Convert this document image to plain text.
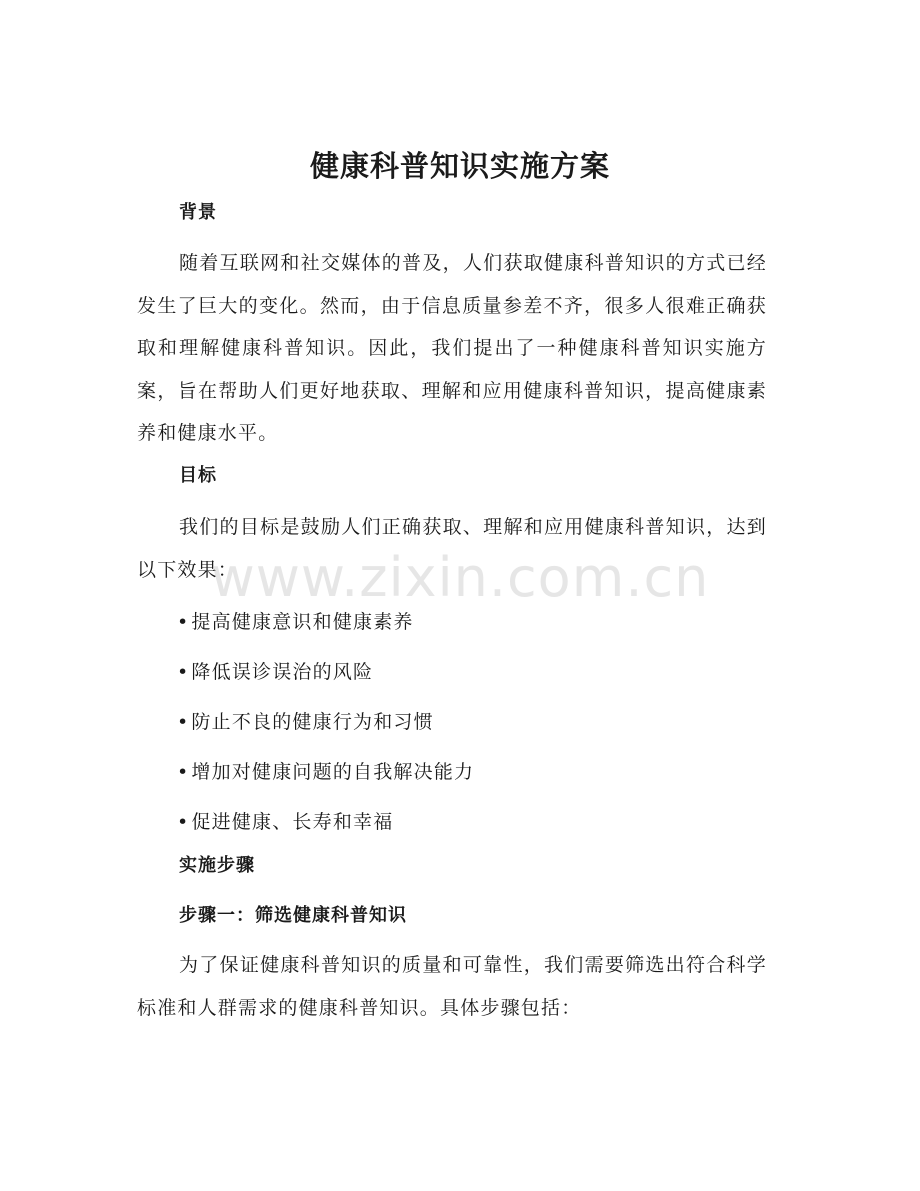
健康科普知识实施方案
背景

随着互联网和社交媒体的普及，人们获取健康科普知识的方式已经发生了巨大的变化。然而，由于信息质量参差不齐，很多人很难正确获取和理解健康科普知识。因此，我们提出了一种健康科普知识实施方案，旨在帮助人们更好地获取、理解和应用健康科普知识，提高健康素养和健康水平。

目标

我们的目标是鼓励人们正确获取、理解和应用健康科普知识，达到以下效果：

• 提高健康意识和健康素养
• 降低误诊误治的风险
• 防止不良的健康行为和习惯
• 增加对健康问题的自我解决能力
• 促进健康、长寿和幸福
实施步骤
步骤一：筛选健康科普知识

为了保证健康科普知识的质量和可靠性，我们需要筛选出符合科学标准和人群需求的健康科普知识。具体步骤包括：

www.zixin.com.cn
